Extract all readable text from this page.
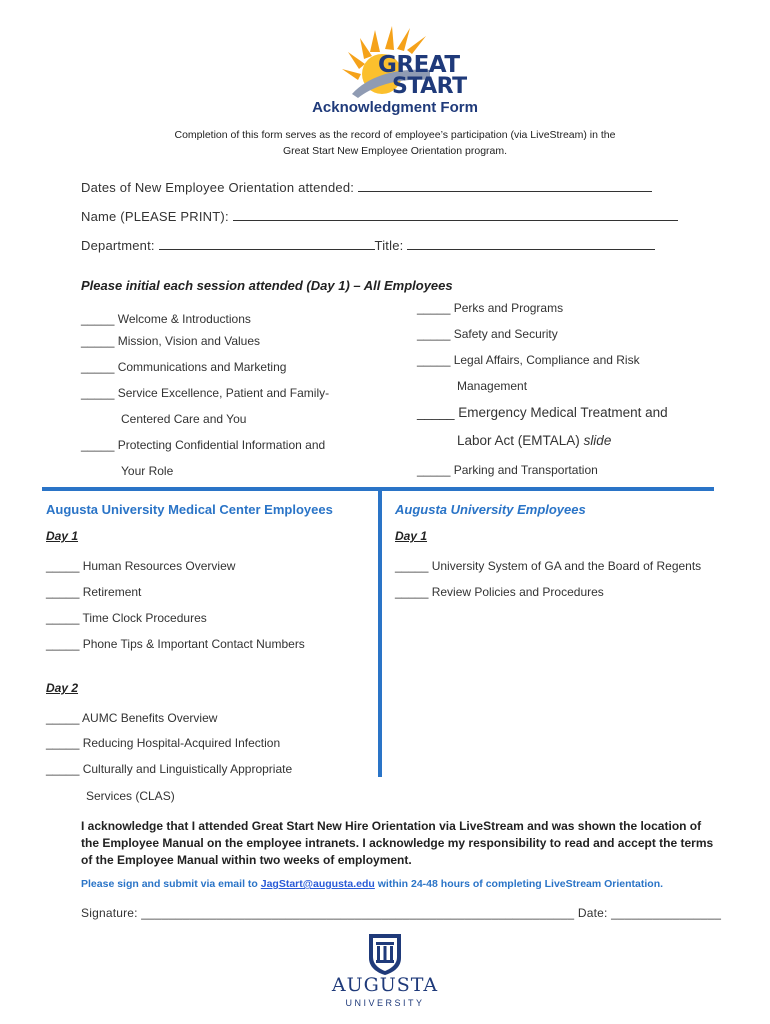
GREAT
START
Acknowledgment Form
Completion of this form serves as the record of employee’s participation (via LiveStream) in the
Great Start New Employee Orientation program.
Dates of New Employee Orientation attended:
Name (PLEASE PRINT):
Department:	Title:
Please initial each session attended (Day 1) – All Employees
_____ Welcome & Introductions
_____ Mission, Vision and Values
_____ Communications and Marketing
_____ Service Excellence, Patient and Family-
Centered Care and You
_____ Protecting Confidential Information and
Your Role
_____ Perks and Programs
_____ Safety and Security
_____ Legal Affairs, Compliance and Risk
Management
_____ Emergency Medical Treatment and
Labor Act (EMTALA) slide
_____ Parking and Transportation
Augusta University Medical Center Employees
Day 1
_____ Human Resources Overview
_____ Retirement
_____ Time Clock Procedures
_____ Phone Tips & Important Contact Numbers
Day 2
_____ AUMC Benefits Overview
_____ Reducing Hospital-Acquired Infection
_____ Culturally and Linguistically Appropriate
Services (CLAS)
Augusta University Employees
Day 1
_____ University System of GA and the Board of Regents
_____ Review Policies and Procedures
I acknowledge that I attended Great Start New Hire Orientation via LiveStream and was shown the location of the Employee Manual on the employee intranets. I acknowledge my responsibility to read and accept the terms of the Employee Manual within two weeks of employment.
Please sign and submit via email to JagStart@augusta.edu within 24-48 hours of completing LiveStream Orientation.
Signature: _______________________________________________________________ Date: ________________
AUGUSTA
UNIVERSITY
